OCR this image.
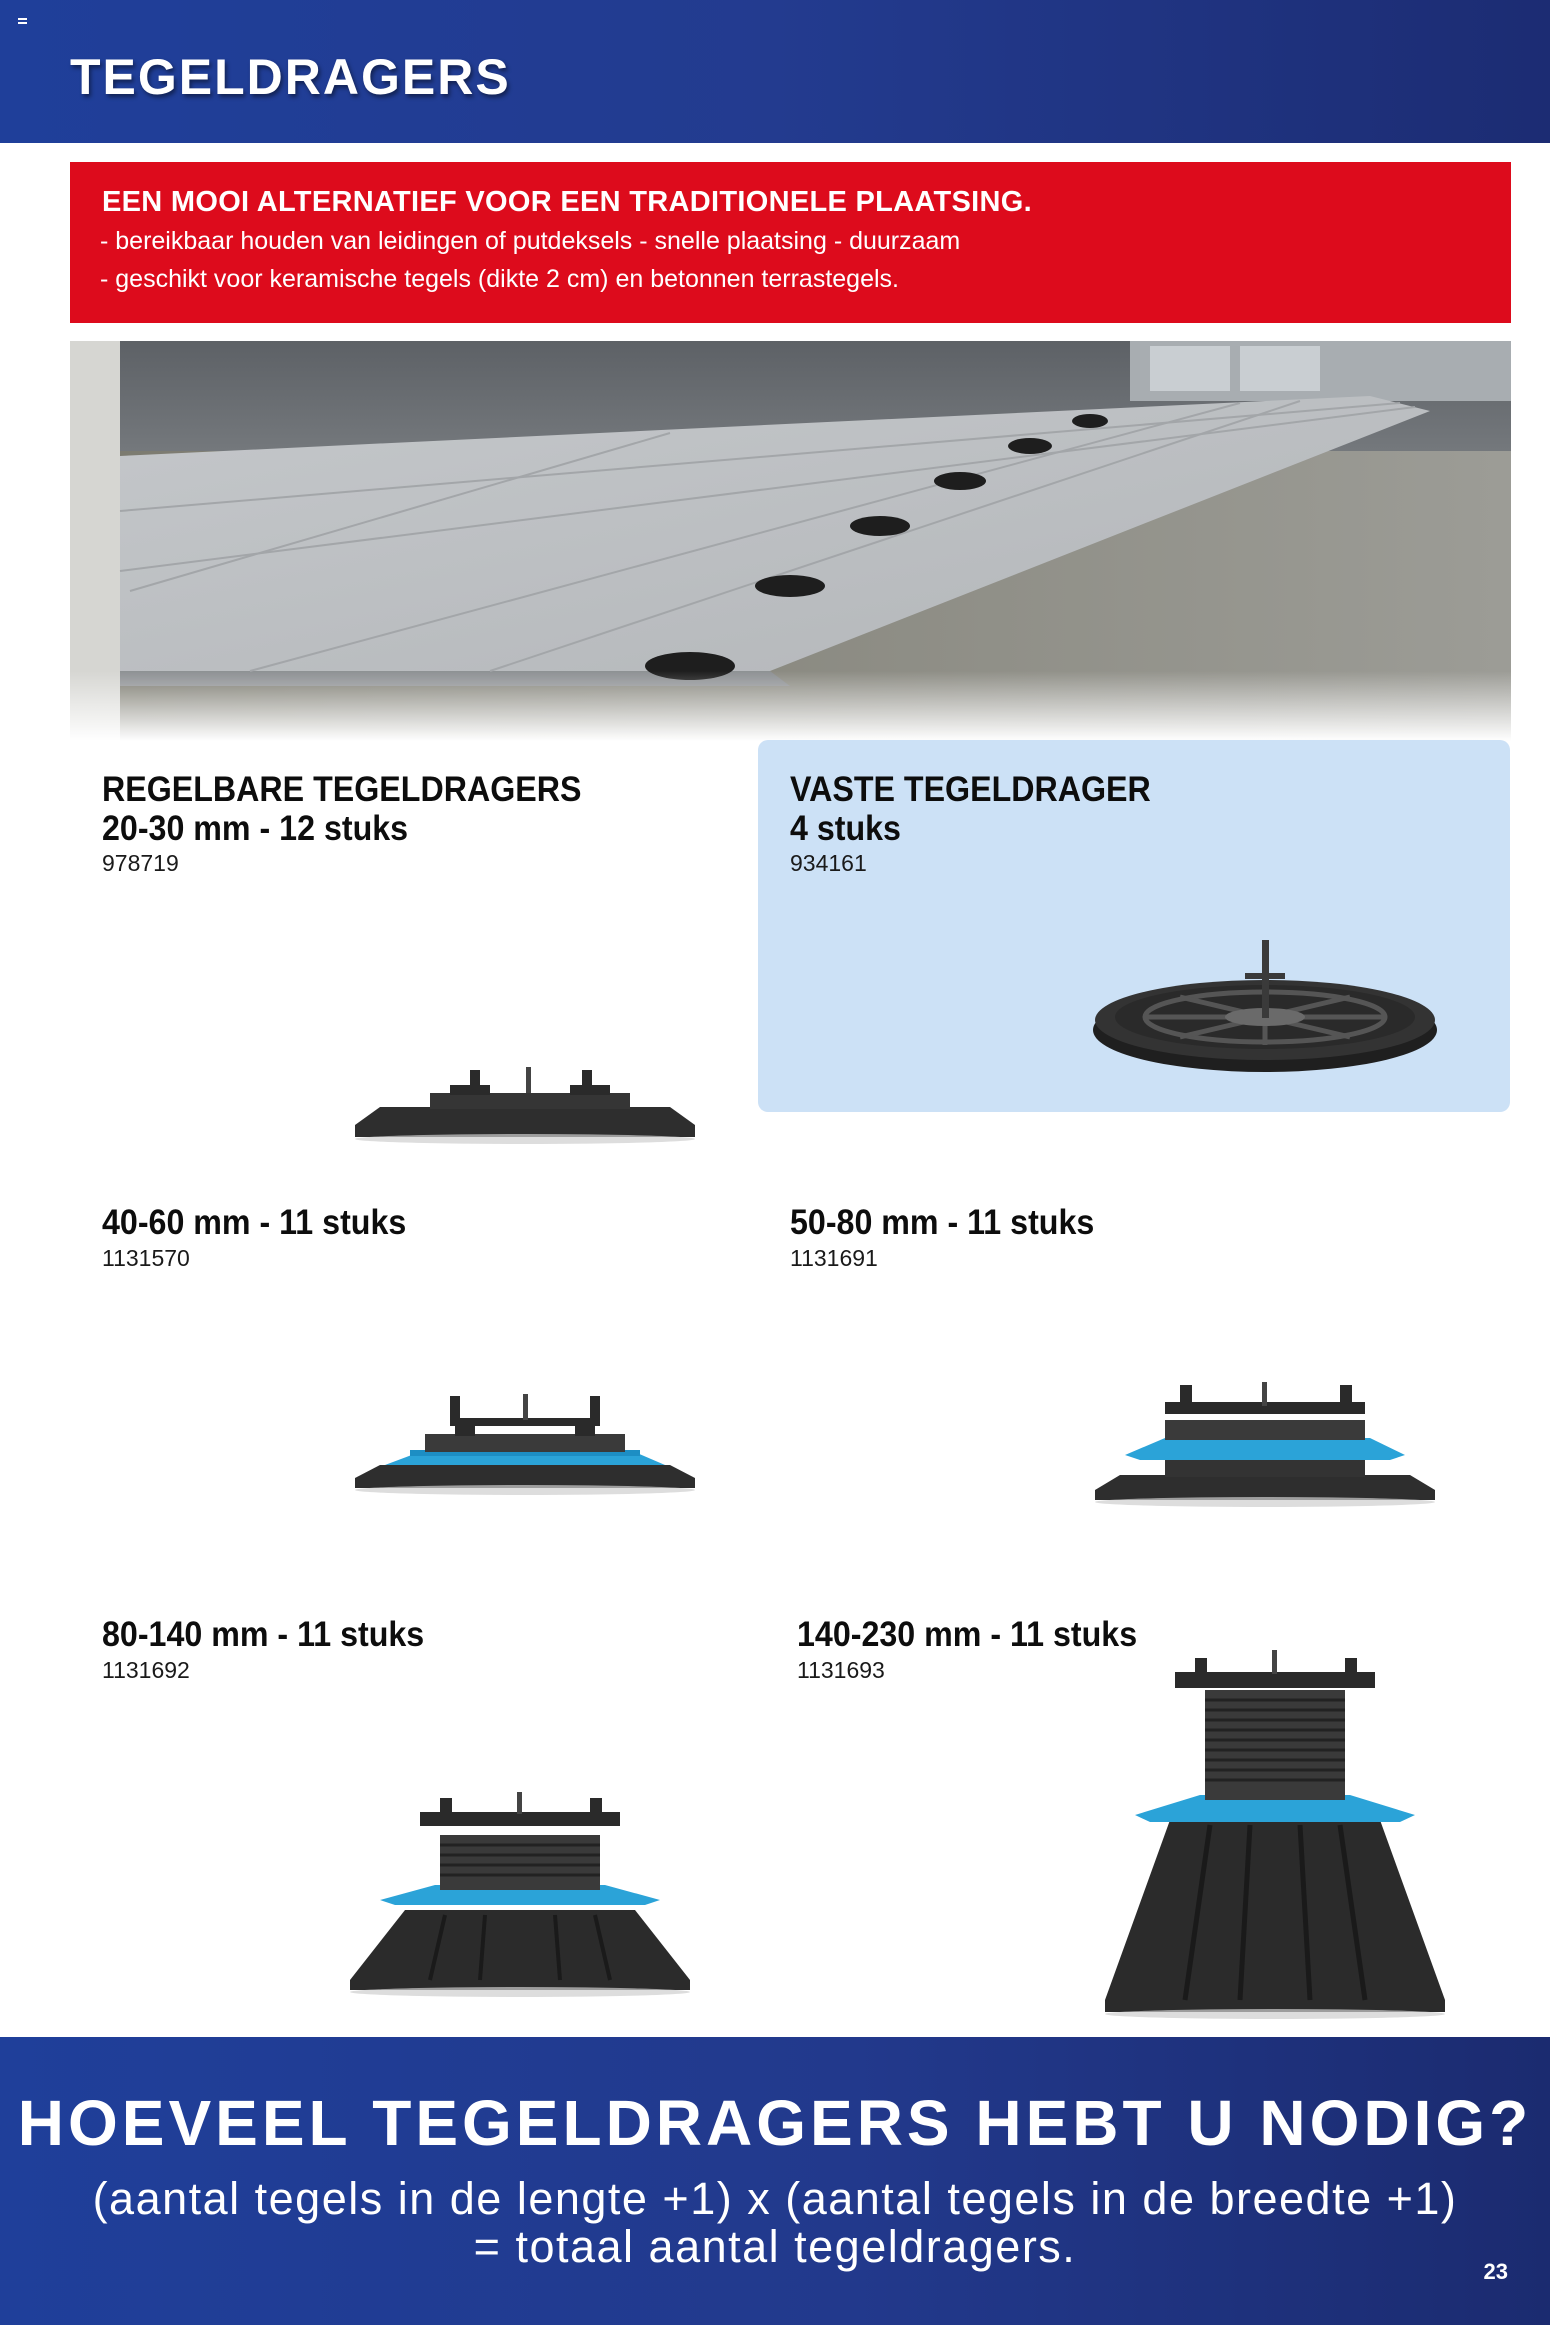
TEGELDRAGERS
EEN MOOI ALTERNATIEF VOOR EEN TRADITIONELE PLAATSING.
- bereikbaar houden van leidingen of putdeksels - snelle plaatsing - duurzaam
- geschikt voor keramische tegels (dikte 2 cm) en betonnen terrastegels.
REGELBARE TEGELDRAGERS
20-30 mm - 12 stuks
978719
VASTE TEGELDRAGER
4 stuks
934161
40-60 mm - 11 stuks
1131570
50-80 mm - 11 stuks
1131691
80-140 mm - 11 stuks
1131692
140-230 mm - 11 stuks
1131693
HOEVEEL TEGELDRAGERS HEBT U NODIG?
(aantal tegels in de lengte +1) x (aantal tegels in de breedte +1)
= totaal aantal tegeldragers.	23
